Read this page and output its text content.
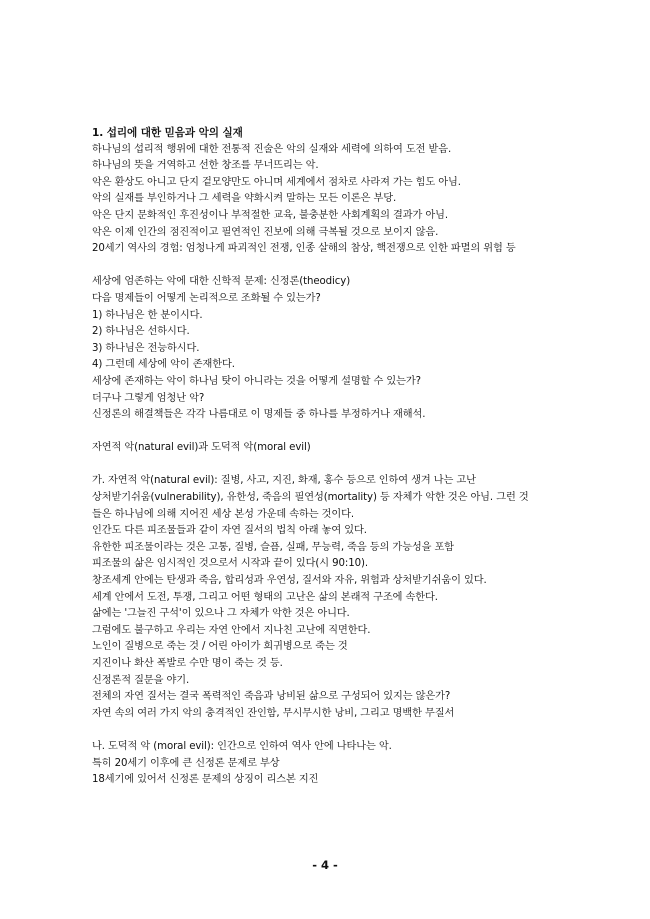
1. 섭리에 대한 믿음과 악의 실재
하나님의 섭리적 행위에 대한 전통적 진술은 악의 실재와 세력에 의하여 도전 받음.
하나님의 뜻을 거역하고 선한 창조를 무너뜨리는 악.
악은 환상도 아니고 단지 겉모양만도 아니며 세계에서 점차로 사라져 가는 힘도 아님.
악의 실재를 부인하거나 그 세력을 약화시켜 말하는 모든 이론은 부당.
악은 단지 문화적인 후진성이나 부적절한 교육, 불충분한 사회계획의 결과가 아님.
악은 이제 인간의 점진적이고 필연적인 진보에 의해 극복될 것으로 보이지 않음.
20세기 역사의 경험: 엄청나게 파괴적인 전쟁, 인종 살해의 참상, 핵전쟁으로 인한 파멸의 위험 등
세상에 엄존하는 악에 대한 신학적 문제: 신정론(theodicy)
다음 명제들이 어떻게 논리적으로 조화될 수 있는가?
1) 하나님은 한 분이시다.
2) 하나님은 선하시다.
3) 하나님은 전능하시다.
4) 그런데 세상에 악이 존재한다.
세상에 존재하는 악이 하나님 탓이 아니라는 것을 어떻게 설명할 수 있는가?
더구나 그렇게 엄청난 악?
신정론의 해결책들은 각각 나름대로 이 명제들 중 하나를 부정하거나 재해석.
자연적 악(natural evil)과 도덕적 악(moral evil)
가. 자연적 악(natural evil): 질병, 사고, 지진, 화재, 홍수 등으로 인하여 생겨 나는 고난
상처받기쉬움(vulnerability), 유한성, 죽음의 필연성(mortality) 등 자체가 악한 것은 아님. 그런 것
들은 하나님에 의해 지어진 세상 본성 가운데 속하는 것이다.
인간도 다른 피조물들과 같이 자연 질서의 법칙 아래 놓여 있다.
유한한 피조물이라는 것은 고통, 질병, 슬픔, 실패, 무능력, 죽음 등의 가능성을 포함
피조물의 삶은 임시적인 것으로서 시작과 끝이 있다(시 90:10).
창조세계 안에는 탄생과 죽음, 합리성과 우연성, 질서와 자유, 위험과 상처받기쉬움이 있다.
세계 안에서 도전, 투쟁, 그리고 어떤 형태의 고난은 삶의 본래적 구조에 속한다.
삶에는 '그늘진 구석'이 있으나 그 자체가 악한 것은 아니다.
그럼에도 불구하고 우리는 자연 안에서 지나친 고난에 직면한다.
노인이 질병으로 죽는 것 / 어린 아이가 희귀병으로 죽는 것
지진이나 화산 폭발로 수만 명이 죽는 것 등.
신정론적 질문을 야기.
전체의 자연 질서는 결국 폭력적인 죽음과 낭비된 삶으로 구성되어 있지는 않은가?
자연 속의 여러 가지 악의 충격적인 잔인함, 무시무시한 낭비, 그리고 명백한 무질서
나. 도덕적 악 (moral evil): 인간으로 인하여 역사 안에 나타나는 악.
특히 20세기 이후에 큰 신정론 문제로 부상
18세기에 있어서 신정론 문제의 상징이 리스본 지진
- 4 -
